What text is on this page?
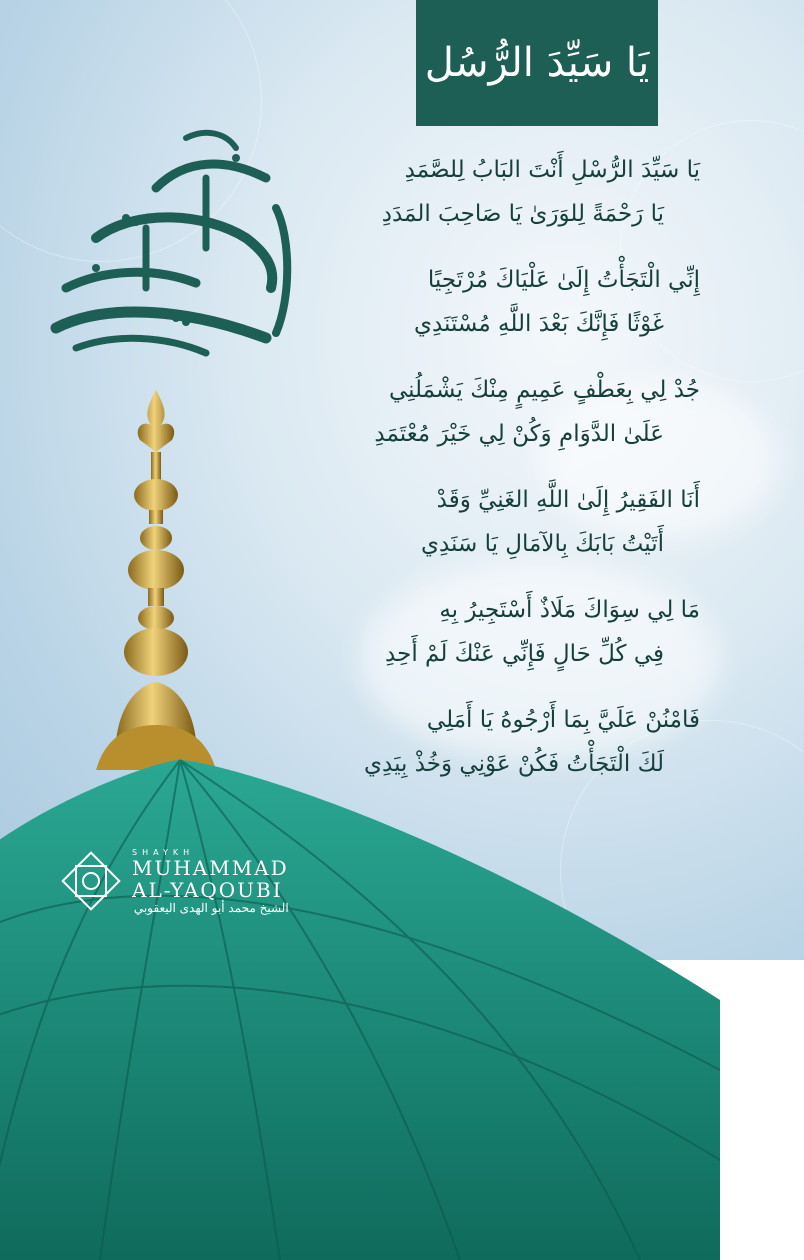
يَا سَيِّدَ الرُّسُل
جمعة مباركة
يَا سَيِّدَ الرُّسْلِ أَنْتَ البَابُ لِلصَّمَدِ
يَا رَحْمَةً لِلوَرَىٰ يَا صَاحِبَ المَدَدِ
إِنِّي الْتَجَأْتُ إِلَىٰ عَلْيَاكَ مُرْتَجِيًا
غَوْثًا فَإِنَّكَ بَعْدَ اللَّهِ مُسْتَنَدِي
جُدْ لِي بِعَطْفٍ عَمِيمٍ مِنْكَ يَشْمَلُنِي
عَلَىٰ الدَّوَامِ وَكُنْ لِي خَيْرَ مُعْتَمَدِ
أَنَا الفَقِيرُ إِلَىٰ اللَّهِ الغَنِيِّ وَقَدْ
أَتَيْتُ بَابَكَ بِالآمَالِ يَا سَنَدِي
مَا لِي سِوَاكَ مَلَاذٌ أَسْتَجِيرُ بِهِ
فِي كُلِّ حَالٍ فَإِنِّي عَنْكَ لَمْ أَحِدِ
فَامْنُنْ عَلَيَّ بِمَا أَرْجُوهُ يَا أَمَلِي
لَكَ الْتَجَأْتُ فَكُنْ عَوْنِي وَخُذْ بِيَدِي
SHAYKH
MUHAMMAD
AL-YAQOUBI
الشيخ محمد أبو الهدى اليعقوبي
